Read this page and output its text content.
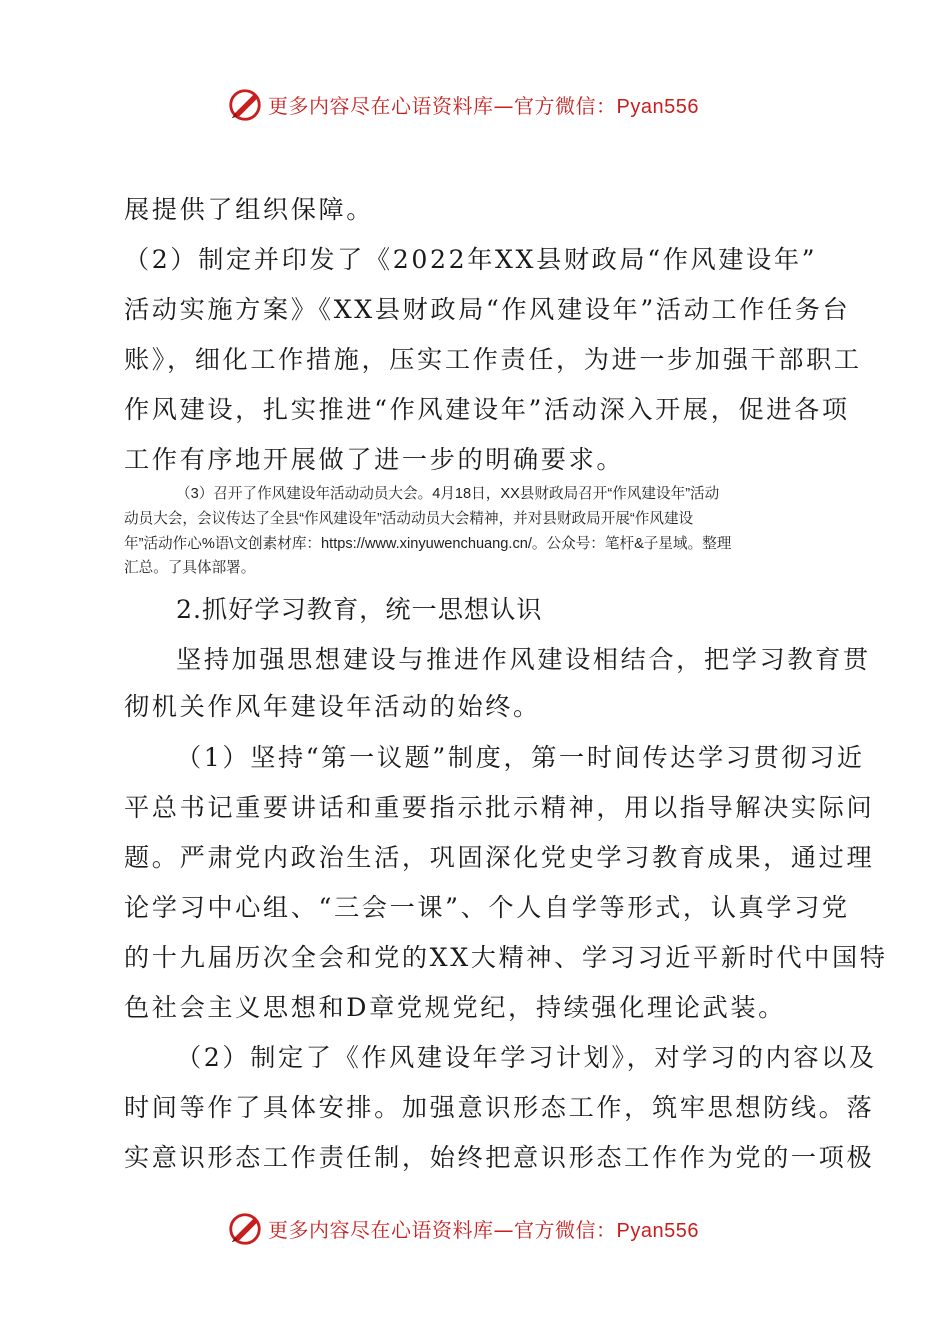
更多内容尽在心语资料库—官方微信：Pyan556
展提供了组织保障。
（2）制定并印发了《2022年XX县财政局“作风建设年”
活动实施方案》《XX县财政局“作风建设年”活动工作任务台
账》，细化工作措施，压实工作责任，为进一步加强干部职工
作风建设，扎实推进“作风建设年”活动深入开展，促进各项
工作有序地开展做了进一步的明确要求。
（3）召开了作风建设年活动动员大会。4月18日，XX县财政局召开“作风建设年”活动
动员大会，会议传达了全县“作风建设年”活动动员大会精神，并对县财政局开展“作风建设
年”活动作心%语\文创素材库：https://www.xinyuwenchuang.cn/。公众号：笔杆&子星域。整理
汇总。了具体部署。
2.抓好学习教育，统一思想认识
坚持加强思想建设与推进作风建设相结合，把学习教育贯
彻机关作风年建设年活动的始终。
（1）坚持“第一议题”制度，第一时间传达学习贯彻习近
平总书记重要讲话和重要指示批示精神，用以指导解决实际问
题。严肃党内政治生活，巩固深化党史学习教育成果，通过理
论学习中心组、“三会一课”、个人自学等形式，认真学习党
的十九届历次全会和党的XX大精神、学习习近平新时代中国特
色社会主义思想和D章党规党纪，持续强化理论武装。
（2）制定了《作风建设年学习计划》，对学习的内容以及
时间等作了具体安排。加强意识形态工作，筑牢思想防线。落
实意识形态工作责任制，始终把意识形态工作作为党的一项极
更多内容尽在心语资料库—官方微信：Pyan556
